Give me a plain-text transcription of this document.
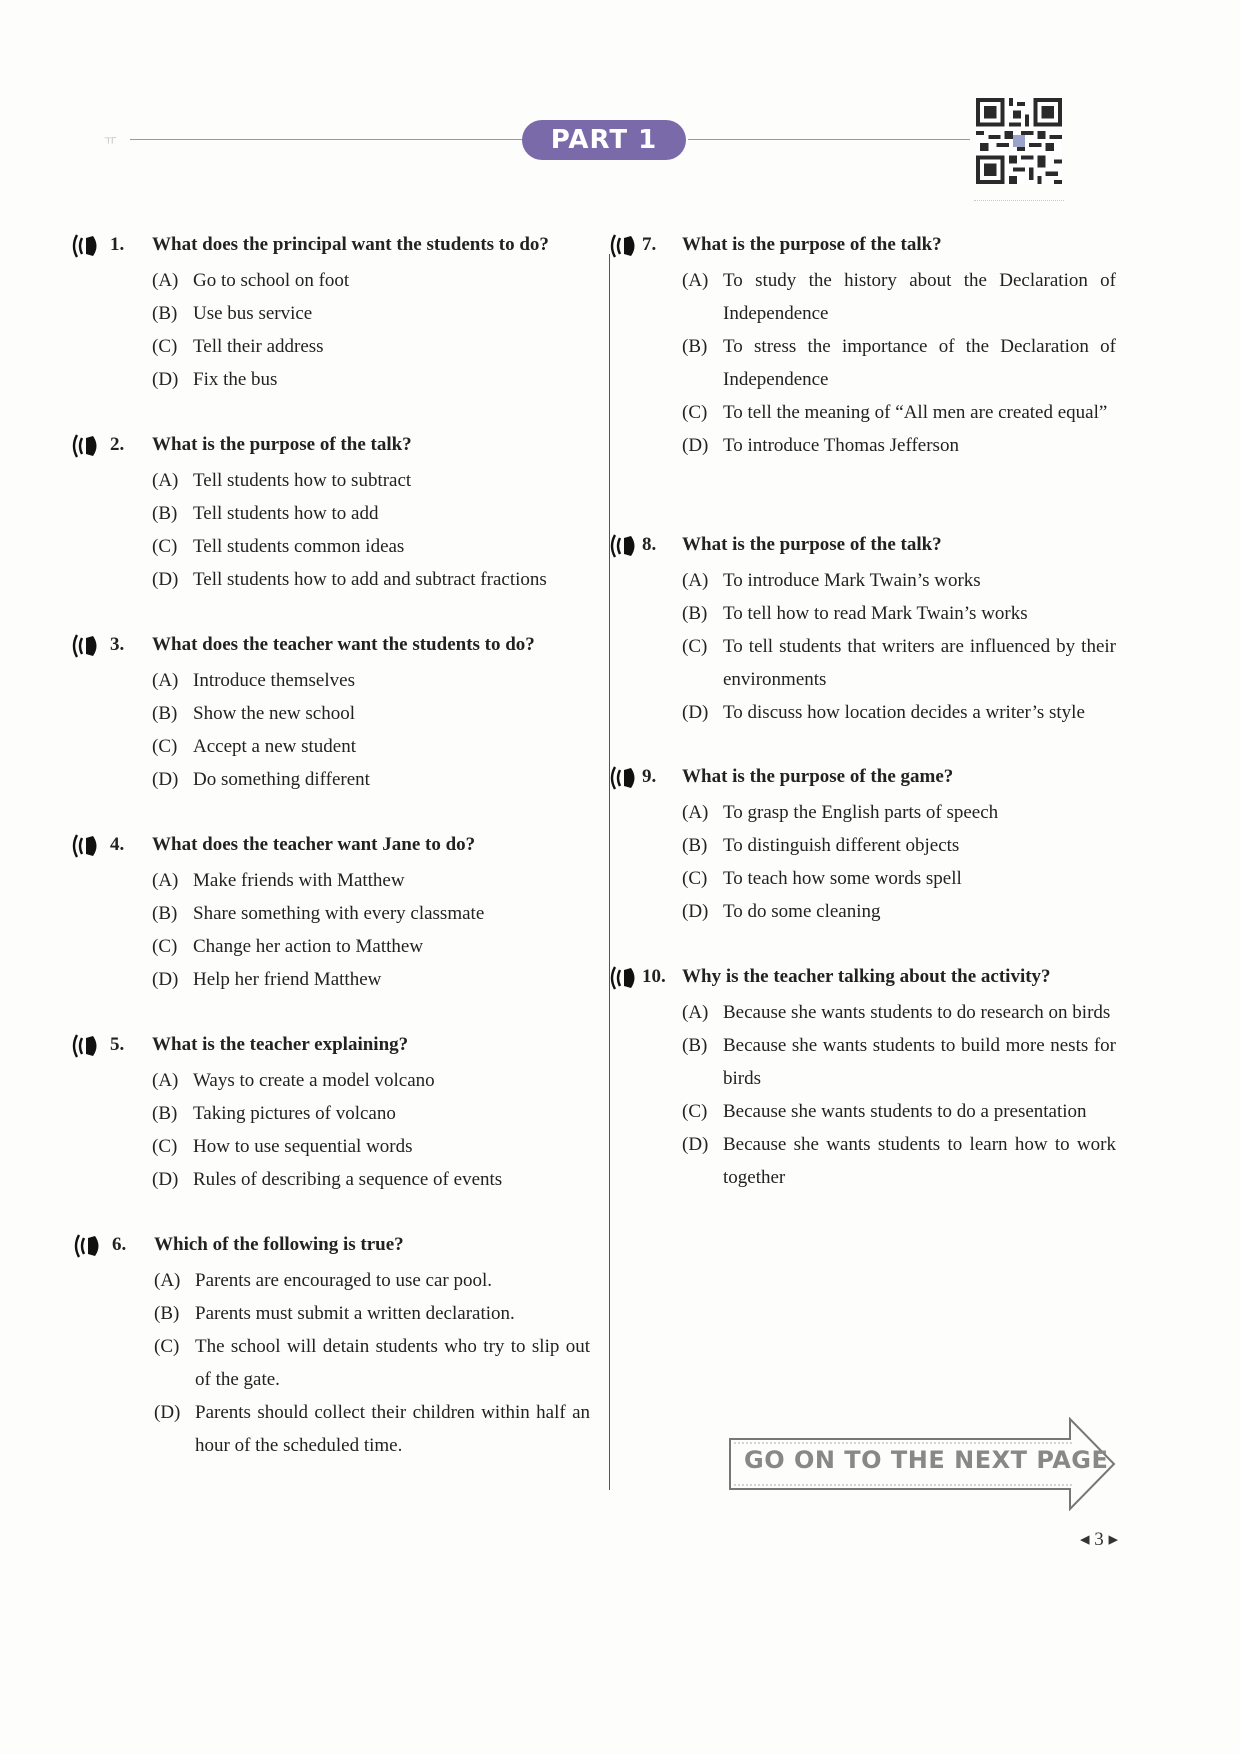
ㅠ	PART 1
1. What does the principal want the students to do?
(A) Go to school on foot
(B) Use bus service
(C) Tell their address
(D) Fix the bus
2. What is the purpose of the talk?
(A) Tell students how to subtract
(B) Tell students how to add
(C) Tell students common ideas
(D) Tell students how to add and subtract fractions
3. What does the teacher want the students to do?
(A) Introduce themselves
(B) Show the new school
(C) Accept a new student
(D) Do something different
4. What does the teacher want Jane to do?
(A) Make friends with Matthew
(B) Share something with every classmate
(C) Change her action to Matthew
(D) Help her friend Matthew
5. What is the teacher explaining?
(A) Ways to create a model volcano
(B) Taking pictures of volcano
(C) How to use sequential words
(D) Rules of describing a sequence of events
6. Which of the following is true?
(A) Parents are encouraged to use car pool.
(B) Parents must submit a written declaration.
(C) The school will detain students who try to slip out of the gate.
(D) Parents should collect their children within half an hour of the scheduled time.
7. What is the purpose of the talk?
(A) To study the history about the Declaration of Independence
(B) To stress the importance of the Declaration of Independence
(C) To tell the meaning of “All men are created equal”
(D) To introduce Thomas Jefferson
8. What is the purpose of the talk?
(A) To introduce Mark Twain’s works
(B) To tell how to read Mark Twain’s works
(C) To tell students that writers are influenced by their environments
(D) To discuss how location decides a writer’s style
9. What is the purpose of the game?
(A) To grasp the English parts of speech
(B) To distinguish different objects
(C) To teach how some words spell
(D) To do some cleaning
10. Why is the teacher talking about the activity?
(A) Because she wants students to do research on birds
(B) Because she wants students to build more nests for birds
(C) Because she wants students to do a presentation
(D) Because she wants students to learn how to work together
GO ON TO THE NEXT PAGE
◂ 3 ▸
